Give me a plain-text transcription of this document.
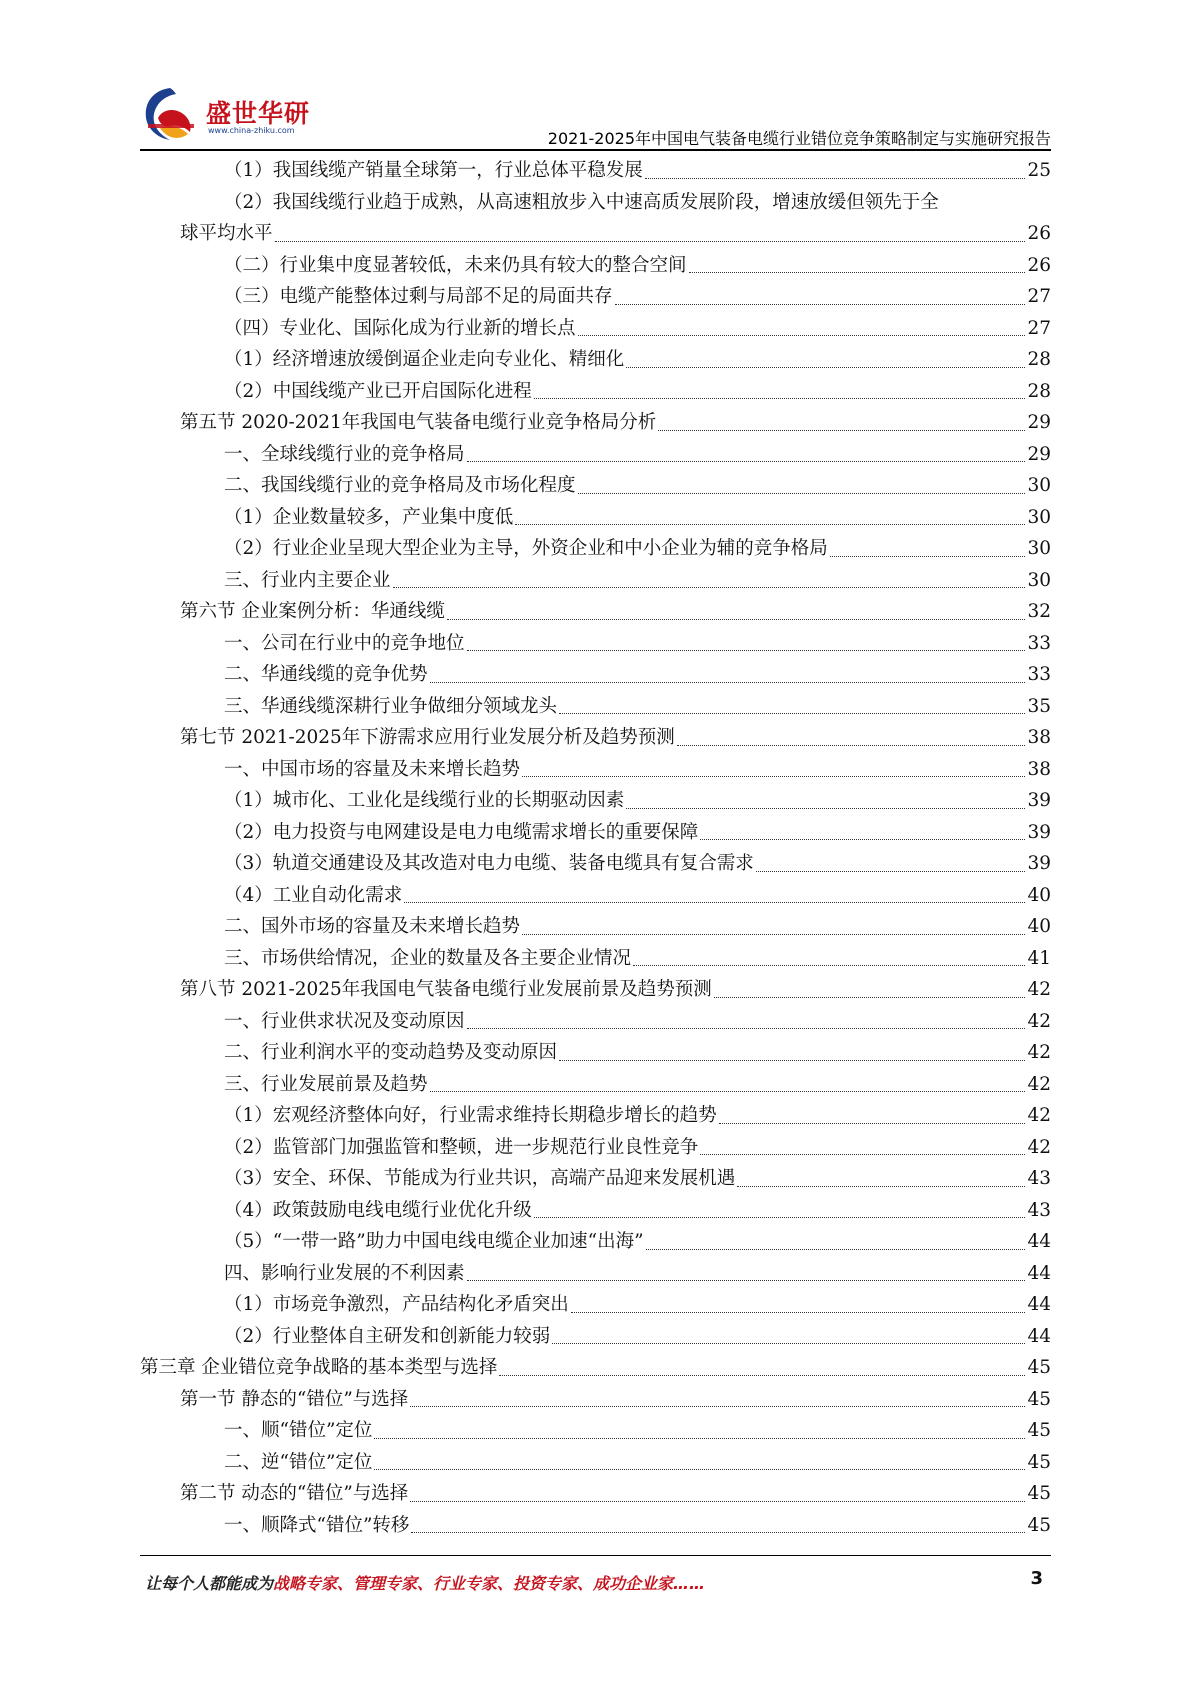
盛世华研
www.china-zhiku.com	2021-2025年中国电气装备电缆行业错位竞争策略制定与实施研究报告
（1）我国线缆产销量全球第一，行业总体平稳发展	25
（2）我国线缆行业趋于成熟，从高速粗放步入中速高质发展阶段，增速放缓但领先于全
球平均水平	26
（二）行业集中度显著较低，未来仍具有较大的整合空间	26
（三）电缆产能整体过剩与局部不足的局面共存	27
（四）专业化、国际化成为行业新的增长点	27
（1）经济增速放缓倒逼企业走向专业化、精细化	28
（2）中国线缆产业已开启国际化进程	28
第五节 2020-2021年我国电气装备电缆行业竞争格局分析	29
一、全球线缆行业的竞争格局	29
二、我国线缆行业的竞争格局及市场化程度	30
（1）企业数量较多，产业集中度低	30
（2）行业企业呈现大型企业为主导，外资企业和中小企业为辅的竞争格局	30
三、行业内主要企业	30
第六节 企业案例分析：华通线缆	32
一、公司在行业中的竞争地位	33
二、华通线缆的竞争优势	33
三、华通线缆深耕行业争做细分领域龙头	35
第七节 2021-2025年下游需求应用行业发展分析及趋势预测	38
一、中国市场的容量及未来增长趋势	38
（1）城市化、工业化是线缆行业的长期驱动因素	39
（2）电力投资与电网建设是电力电缆需求增长的重要保障	39
（3）轨道交通建设及其改造对电力电缆、装备电缆具有复合需求	39
（4）工业自动化需求	40
二、国外市场的容量及未来增长趋势	40
三、市场供给情况，企业的数量及各主要企业情况	41
第八节 2021-2025年我国电气装备电缆行业发展前景及趋势预测	42
一、行业供求状况及变动原因	42
二、行业利润水平的变动趋势及变动原因	42
三、行业发展前景及趋势	42
（1）宏观经济整体向好，行业需求维持长期稳步增长的趋势	42
（2）监管部门加强监管和整顿，进一步规范行业良性竞争	42
（3）安全、环保、节能成为行业共识，高端产品迎来发展机遇	43
（4）政策鼓励电线电缆行业优化升级	43
（5）“一带一路”助力中国电线电缆企业加速“出海”	44
四、影响行业发展的不利因素	44
（1）市场竞争激烈，产品结构化矛盾突出	44
（2）行业整体自主研发和创新能力较弱	44
第三章 企业错位竞争战略的基本类型与选择	45
第一节 静态的“错位”与选择	45
一、顺“错位”定位	45
二、逆“错位”定位	45
第二节 动态的“错位”与选择	45
一、顺降式“错位”转移	45
让每个人都能成为战略专家、管理专家、行业专家、投资专家、成功企业家……	3
